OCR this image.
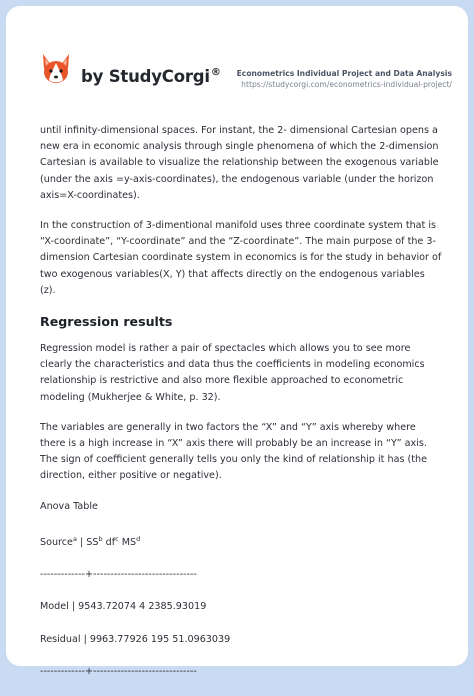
by StudyCorgi® Econometrics Individual Project and Data Analysis
https://studycorgi.com/econometrics-individual-project/

until infinity-dimensional spaces. For instant, the 2- dimensional Cartesian opens a new era in economic analysis through single phenomena of which the 2-dimension Cartesian is available to visualize the relationship between the exogenous variable (under the axis =y-axis-coordinates), the endogenous variable (under the horizon axis=X-coordinates).

In the construction of 3-dimentional manifold uses three coordinate system that is “X-coordinate”, “Y-coordinate” and the “Z-coordinate”. The main purpose of the 3-dimension Cartesian coordinate system in economics is for the study in behavior of two exogenous variables(X, Y) that affects directly on the endogenous variables (z).

Regression results

Regression model is rather a pair of spectacles which allows you to see more clearly the characteristics and data thus the coefficients in modeling economics relationship is restrictive and also more flexible approached to econometric modeling (Mukherjee & White, p. 32).

The variables are generally in two factors the “X” and “Y” axis whereby where there is a high increase in “X” axis there will probably be an increase in “Y” axis. The sign of coefficient generally tells you only the kind of relationship it has (the direction, either positive or negative).

Anova Table
Source$^a$ | $SS^b$ $df^c$ $MS^d$
-------------+------------------------------
Model | 9543.72074 4 2385.93019
Residual | 9963.77926 195 51.0963039
-------------+------------------------------
